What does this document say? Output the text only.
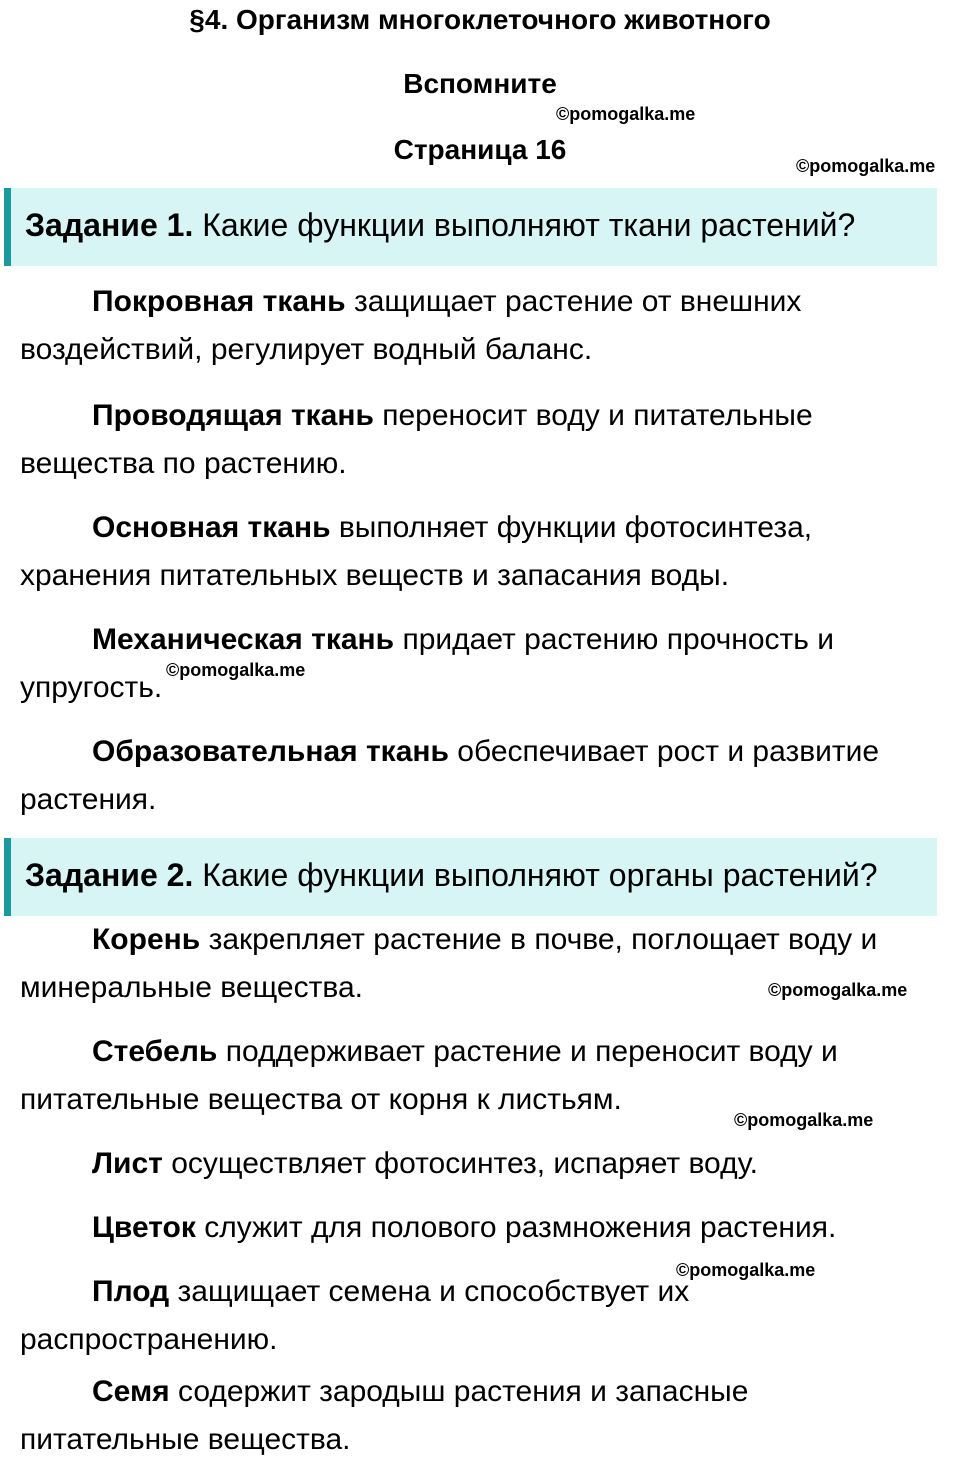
§4. Организм многоклеточного животного
Вспомните
Страница 16
©pomogalka.me
©pomogalka.me
Задание 1. Какие функции выполняют ткани растений?
Покровная ткань защищает растение от внешних
воздействий, регулирует водный баланс.
Проводящая ткань переносит воду и питательные
вещества по растению.
Основная ткань выполняет функции фотосинтеза,
хранения питательных веществ и запасания воды.
Механическая ткань придает растению прочность и
упругость.
©pomogalka.me
Образовательная ткань обеспечивает рост и развитие
растения.
Задание 2. Какие функции выполняют органы растений?
Корень закрепляет растение в почве, поглощает воду и
минеральные вещества.	©pomogalka.me
Стебель поддерживает растение и переносит воду и
питательные вещества от корня к листьям.
©pomogalka.me
Лист осуществляет фотосинтез, испаряет воду.
Цветок служит для полового размножения растения.
©pomogalka.me
Плод защищает семена и способствует их
распространению.
Семя содержит зародыш растения и запасные
питательные вещества.
